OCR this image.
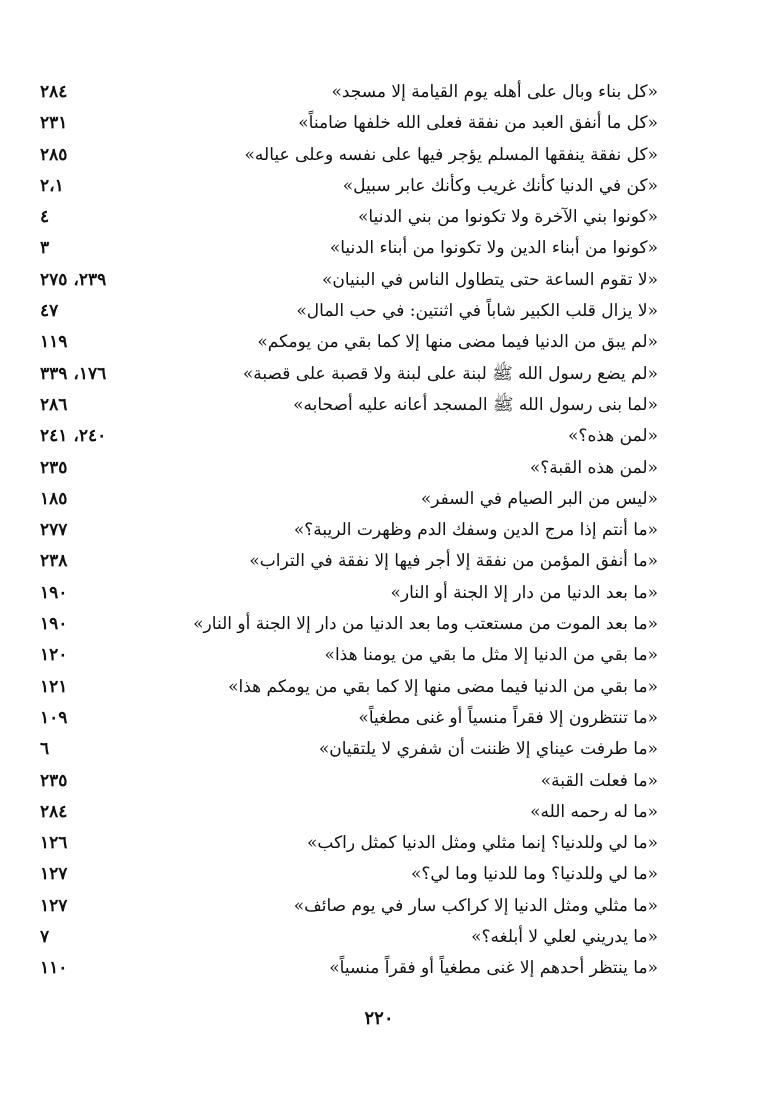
«كل بناء وبال على أهله يوم القيامة إلا مسجد»
٢٨٤
«كل ما أنفق العبد من نفقة فعلى الله خلفها ضامناً»
٢٣١
«كل نفقة ينفقها المسلم يؤجر فيها على نفسه وعلى عياله»
٢٨٥
«كن في الدنيا كأنك غريب وكأنك عابر سبيل»
٢،١
«كونوا بني الآخرة ولا تكونوا من بني الدنيا»
٤
«كونوا من أبناء الدين ولا تكونوا من أبناء الدنيا»
٣
«لا تقوم الساعة حتى يتطاول الناس في البنيان»
٢٣٩، ٢٧٥
«لا يزال قلب الكبير شاباً في اثنتين: في حب المال»
٤٧
«لم يبق من الدنيا فيما مضى منها إلا كما بقي من يومكم»
١١٩
«لم يضع رسول الله ﷺ لبنة على لبنة ولا قصبة على قصبة»
١٧٦، ٣٣٩
«لما بنى رسول الله ﷺ المسجد أعانه عليه أصحابه»
٢٨٦
«لمن هذه؟»
٢٤٠، ٢٤١
«لمن هذه القبة؟»
٢٣٥
«ليس من البر الصيام في السفر»
١٨٥
«ما أنتم إذا مرج الدين وسفك الدم وظهرت الريبة؟»
٢٧٧
«ما أنفق المؤمن من نفقة إلا أجر فيها إلا نفقة في التراب»
٢٣٨
«ما بعد الدنيا من دار إلا الجنة أو النار»
١٩٠
«ما بعد الموت من مستعتب وما بعد الدنيا من دار إلا الجنة أو النار»
١٩٠
«ما بقي من الدنيا إلا مثل ما بقي من يومنا هذا»
١٢٠
«ما بقي من الدنيا فيما مضى منها إلا كما بقي من يومكم هذا»
١٢١
«ما تنتظرون إلا فقراً منسياً أو غنى مطغياً»
١٠٩
«ما طرفت عيناي إلا ظننت أن شفري لا يلتقيان»
٦
«ما فعلت القبة»
٢٣٥
«ما له رحمه الله»
٢٨٤
«ما لي وللدنيا؟ إنما مثلي ومثل الدنيا كمثل راكب»
١٢٦
«ما لي وللدنيا؟ وما للدنيا وما لي؟»
١٢٧
«ما مثلي ومثل الدنيا إلا كراكب سار في يوم صائف»
١٢٧
«ما يدريني لعلي لا أبلغه؟»
٧
«ما ينتظر أحدهم إلا غنى مطغياً أو فقراً منسياً»
١١٠
٢٢٠
